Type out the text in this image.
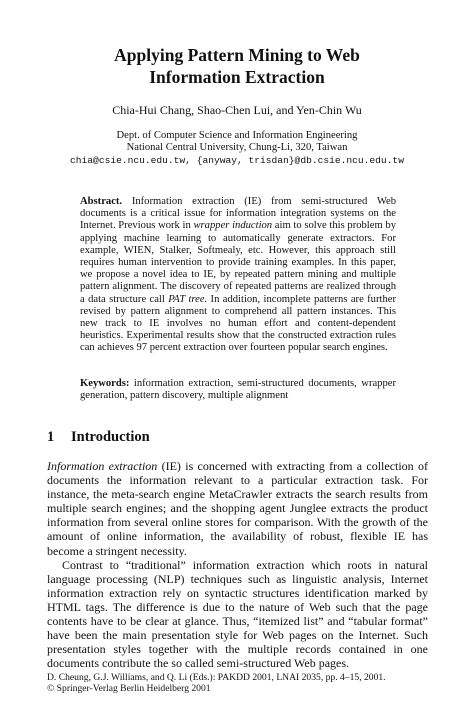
Applying Pattern Mining to Web
Information Extraction
Chia-Hui Chang, Shao-Chen Lui, and Yen-Chin Wu
Dept. of Computer Science and Information Engineering
National Central University, Chung-Li, 320, Taiwan
chia@csie.ncu.edu.tw, {anyway, trisdan}@db.csie.ncu.edu.tw

Abstract. Information extraction (IE) from semi-structured Web documents is a critical issue for information integration systems on the Internet. Previous work in wrapper induction aim to solve this problem by applying machine learning to automatically generate extractors. For example, WIEN, Stalker, Softmealy, etc. However, this approach still requires human intervention to provide training examples. In this paper, we propose a novel idea to IE, by repeated pattern mining and multiple pattern alignment. The discovery of repeated patterns are realized through a data structure call PAT tree. In addition, incomplete patterns are further revised by pattern alignment to comprehend all pattern instances. This new track to IE involves no human effort and content-dependent heuristics. Experimental results show that the constructed extraction rules can achieves 97 percent extraction over fourteen popular search engines.

Keywords: information extraction, semi-structured documents, wrapper generation, pattern discovery, multiple alignment

1 Introduction

Information extraction (IE) is concerned with extracting from a collection of documents the information relevant to a particular extraction task. For instance, the meta-search engine MetaCrawler extracts the search results from multiple search engines; and the shopping agent Junglee extracts the product information from several online stores for comparison. With the growth of the amount of online information, the availability of robust, flexible IE has become a stringent necessity.

Contrast to “traditional” information extraction which roots in natural language processing (NLP) techniques such as linguistic analysis, Internet information extraction rely on syntactic structures identification marked by HTML tags. The difference is due to the nature of Web such that the page contents have to be clear at glance. Thus, “itemized list” and “tabular format” have been the main presentation style for Web pages on the Internet. Such presentation styles together with the multiple records contained in one documents contribute the so called semi-structured Web pages.

D. Cheung, G.J. Williams, and Q. Li (Eds.): PAKDD 2001, LNAI 2035, pp. 4–15, 2001.
© Springer-Verlag Berlin Heidelberg 2001
